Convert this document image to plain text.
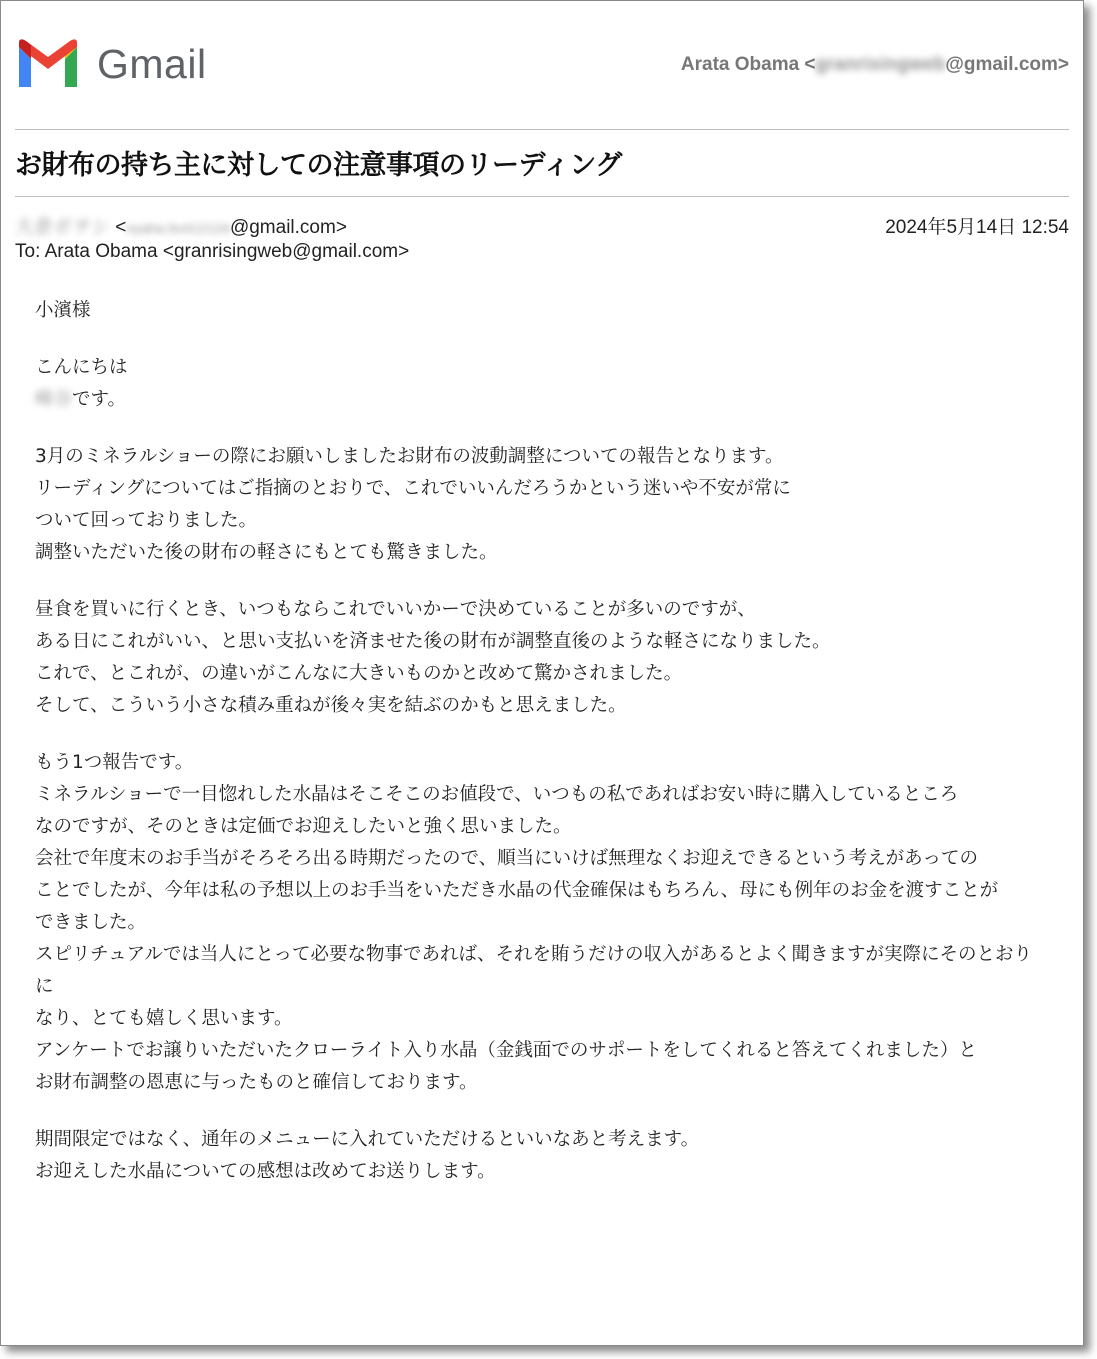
Gmail	Arata Obama <granrisingweb@gmail.com>
お財布の持ち主に対しての注意事項のリーディング
大倉ボヲシ <nyaha.bv412124@gmail.com>	2024年5月14日 12:54
To: Arata Obama <granrisingweb@gmail.com>
小濱様
こんにちは
峰谷です。
3月のミネラルショーの際にお願いしましたお財布の波動調整についての報告となります。
リーディングについてはご指摘のとおりで、これでいいんだろうかという迷いや不安が常に
ついて回っておりました。
調整いただいた後の財布の軽さにもとても驚きました。
昼食を買いに行くとき、いつもならこれでいいかーで決めていることが多いのですが、
ある日にこれがいい、と思い支払いを済ませた後の財布が調整直後のような軽さになりました。
これで、とこれが、の違いがこんなに大きいものかと改めて驚かされました。
そして、こういう小さな積み重ねが後々実を結ぶのかもと思えました。
もう1つ報告です。
ミネラルショーで一目惚れした水晶はそこそこのお値段で、いつもの私であればお安い時に購入しているところ
なのですが、そのときは定価でお迎えしたいと強く思いました。
会社で年度末のお手当がそろそろ出る時期だったので、順当にいけば無理なくお迎えできるという考えがあっての
ことでしたが、今年は私の予想以上のお手当をいただき水晶の代金確保はもちろん、母にも例年のお金を渡すことが
できました。
スピリチュアルでは当人にとって必要な物事であれば、それを賄うだけの収入があるとよく聞きますが実際にそのとおりに
なり、とても嬉しく思います。
アンケートでお譲りいただいたクローライト入り水晶（金銭面でのサポートをしてくれると答えてくれました）と
お財布調整の恩恵に与ったものと確信しております。
期間限定ではなく、通年のメニューに入れていただけるといいなあと考えます。
お迎えした水晶についての感想は改めてお送りします。
